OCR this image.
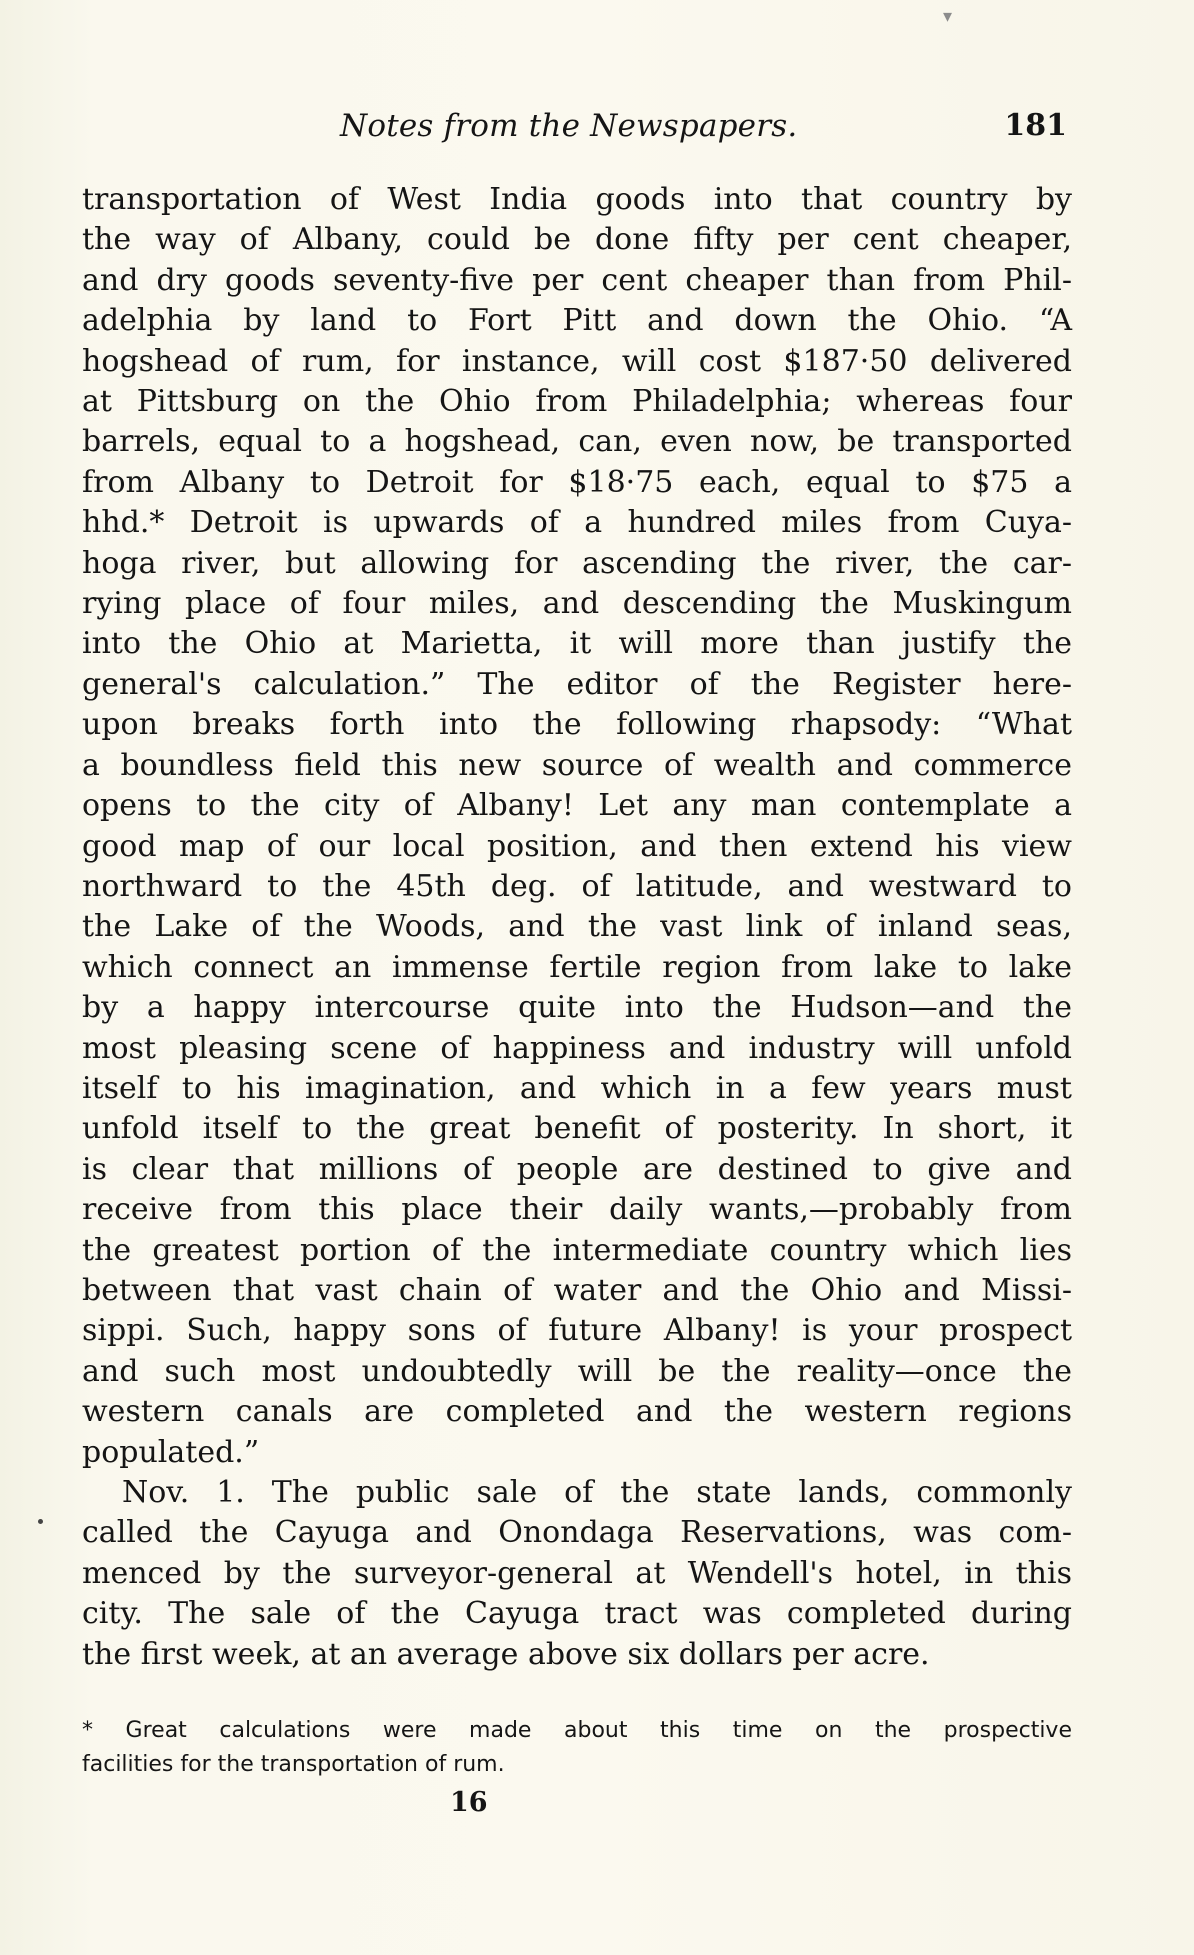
▾
Notes from the Newspapers.	181
transportation of West India goods into that country by
the way of Albany, could be done fifty per cent cheaper,
and dry goods seventy-five per cent cheaper than from Phil-
adelphia by land to Fort Pitt and down the Ohio. “A
hogshead of rum, for instance, will cost $187·50 delivered
at Pittsburg on the Ohio from Philadelphia; whereas four
barrels, equal to a hogshead, can, even now, be transported
from Albany to Detroit for $18·75 each, equal to $75 a
hhd.* Detroit is upwards of a hundred miles from Cuya-
hoga river, but allowing for ascending the river, the car-
rying place of four miles, and descending the Muskingum
into the Ohio at Marietta, it will more than justify the
general's calculation.” The editor of the Register here-
upon breaks forth into the following rhapsody: “What
a boundless field this new source of wealth and commerce
opens to the city of Albany! Let any man contemplate a
good map of our local position, and then extend his view
northward to the 45th deg. of latitude, and westward to
the Lake of the Woods, and the vast link of inland seas,
which connect an immense fertile region from lake to lake
by a happy intercourse quite into the Hudson—and the
most pleasing scene of happiness and industry will unfold
itself to his imagination, and which in a few years must
unfold itself to the great benefit of posterity. In short, it
is clear that millions of people are destined to give and
receive from this place their daily wants,—probably from
the greatest portion of the intermediate country which lies
between that vast chain of water and the Ohio and Missi-
sippi. Such, happy sons of future Albany! is your prospect
and such most undoubtedly will be the reality—once the
western canals are completed and the western regions
populated.”
Nov. 1. The public sale of the state lands, commonly
called the Cayuga and Onondaga Reservations, was com-
menced by the surveyor-general at Wendell's hotel, in this
city. The sale of the Cayuga tract was completed during
the first week, at an average above six dollars per acre.
* Great calculations were made about this time on the prospective
facilities for the transportation of rum.
16
